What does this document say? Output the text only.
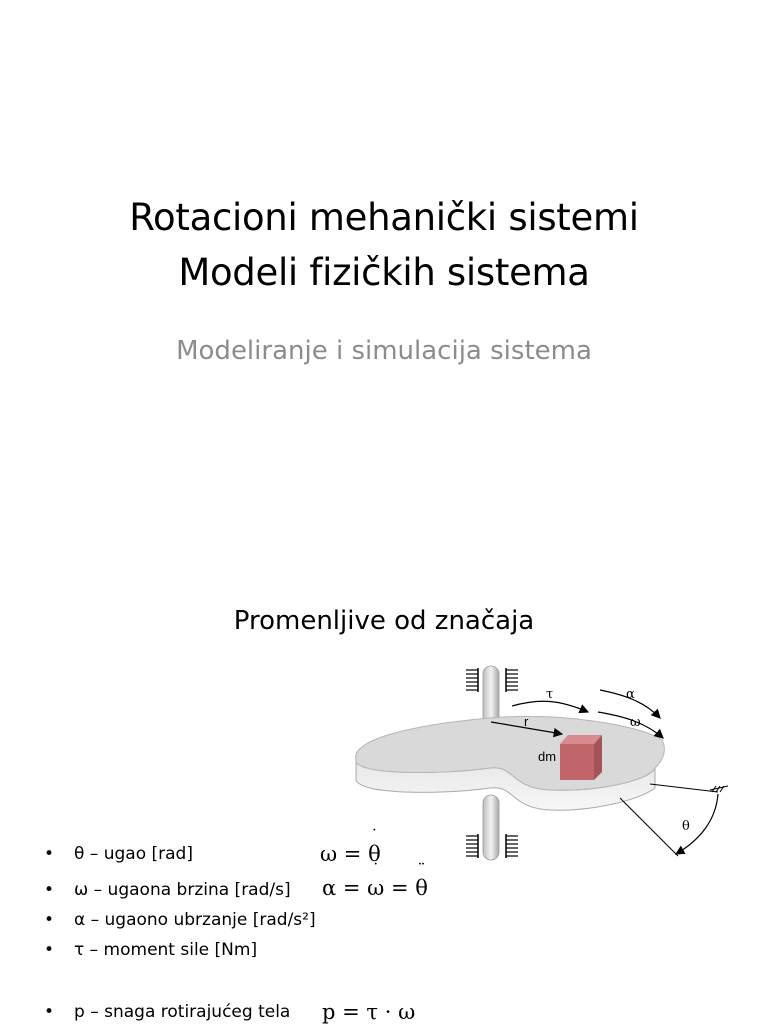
Rotacioni mehanički sistemi
Modeli fizičkih sistema
Modeliranje i simulacija sistema
Promenljive od značaja
r
dm
τ	α
ω
θ
• θ – ugao [rad]
• ω – ugaona brzina [rad/s]
• α – ugaono ubrzanje [rad/s²]
• τ – moment sile [Nm]
• p – snaga rotirajućeg tela
ω = θ ˙
α = ω ˙ = θ ¨
p = τ · ω
